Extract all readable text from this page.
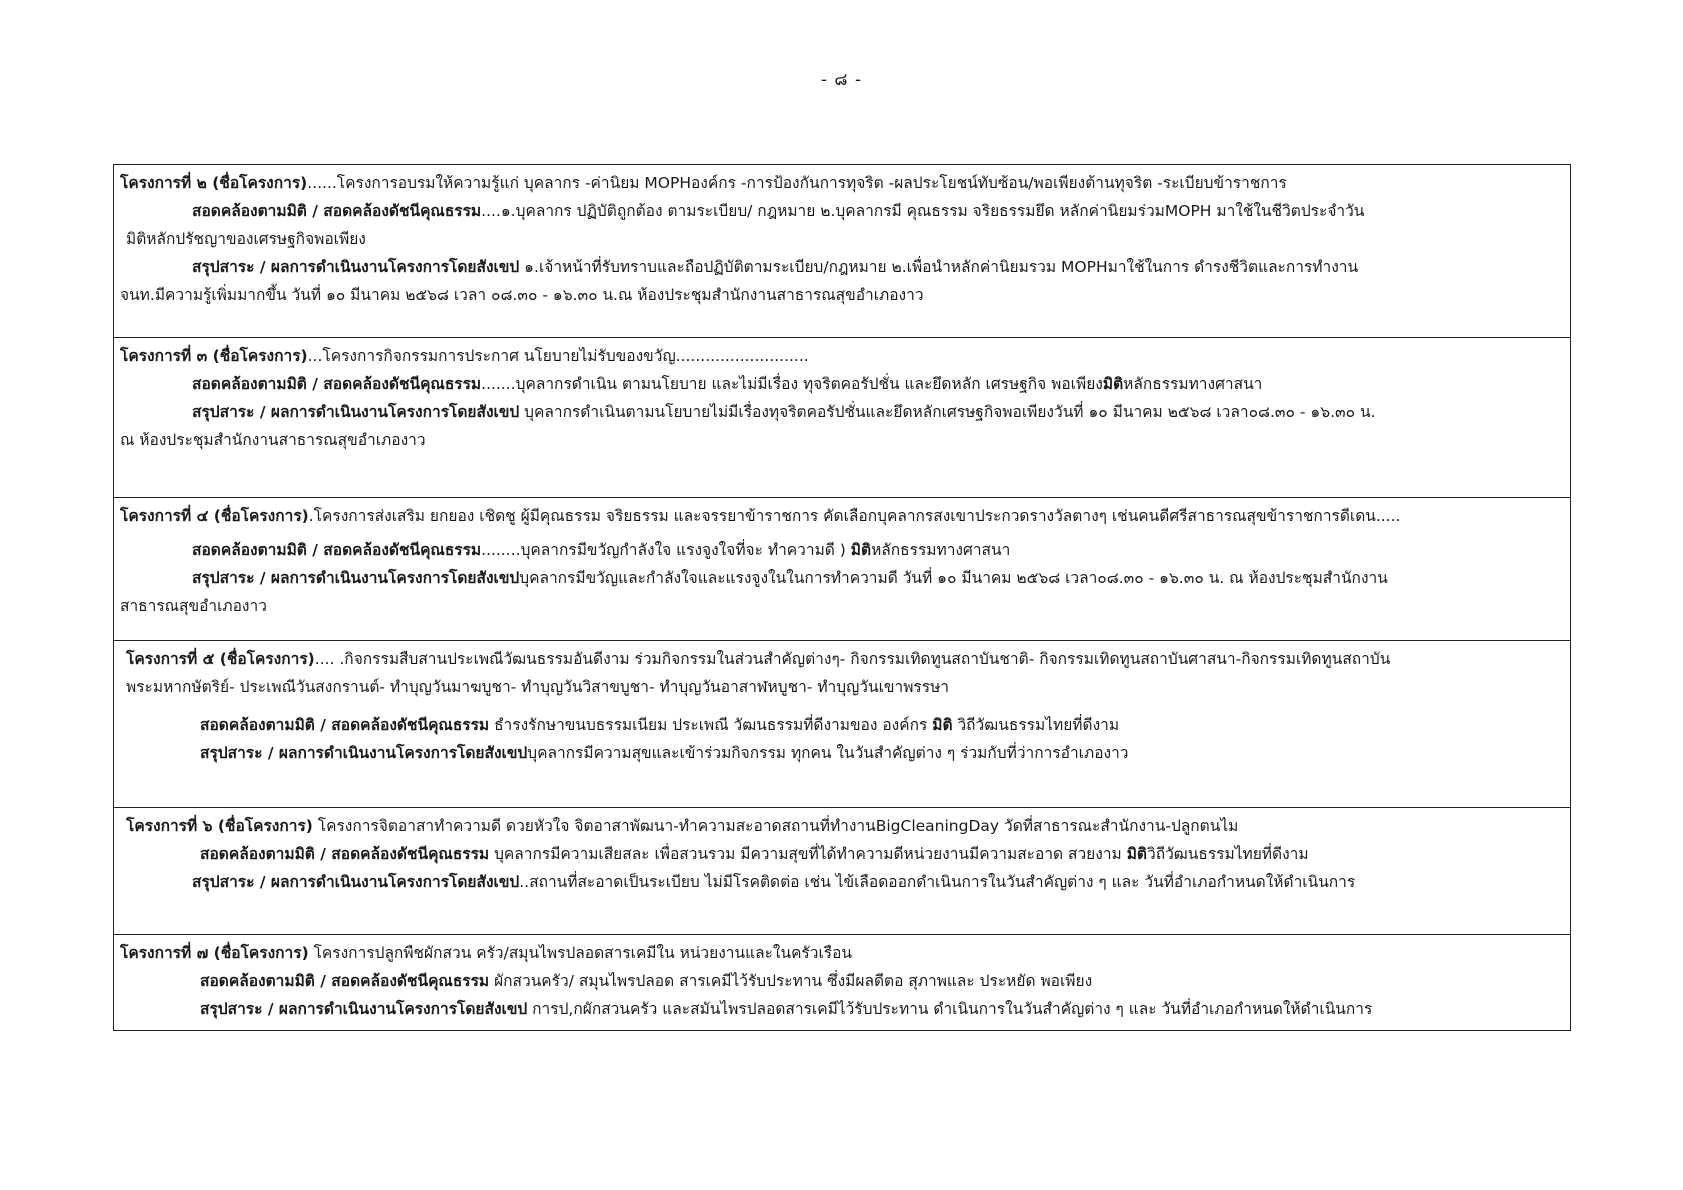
- ๘ -
โครงการที่ ๒ (ชื่อโครงการ)......โครงการอบรมให้ความรู้แก่ บุคลากร -ค่านิยม MOPHองค์กร -การป้องกันการทุจริต -ผลประโยชน์ทับซ้อน/พอเพียงต้านทุจริต -ระเบียบข้าราชการ
สอดคล้องตามมิติ / สอดคล้องดัชนีคุณธรรม....๑.บุคลากร ปฏิบัติถูกต้อง ตามระเบียบ/ กฎหมาย ๒.บุคลากรมี คุณธรรม จริยธรรมยึด หลักค่านิยมร่วมMOPH มาใช้ในชีวิตประจำวัน
มิติหลักปรัชญาของเศรษฐกิจพอเพียง
สรุปสาระ / ผลการดำเนินงานโครงการโดยสังเขป ๑.เจ้าหน้าที่รับทราบและถือปฏิบัติตามระเบียบ/กฎหมาย ๒.เพื่อนำหลักค่านิยมรวม MOPHมาใช้ในการ ดำรงชีวิตและการทำงาน
จนท.มีความรู้เพิ่มมากขึ้น วันที่ ๑๐ มีนาคม ๒๕๖๘ เวลา ๐๘.๓๐ - ๑๖.๓๐ น.ณ ห้องประชุมสำนักงานสาธารณสุขอำเภองาว
โครงการที่ ๓ (ชื่อโครงการ)...โครงการกิจกรรมการประกาศ นโยบายไม่รับของขวัญ...........................
สอดคล้องตามมิติ / สอดคล้องดัชนีคุณธรรม.......บุคลากรดำเนิน ตามนโยบาย และไม่มีเรื่อง ทุจริตคอรัปชั่น และยึดหลัก เศรษฐกิจ พอเพียงมิติหลักธรรมทางศาสนา
สรุปสาระ / ผลการดำเนินงานโครงการโดยสังเขป บุคลากรดำเนินตามนโยบายไม่มีเรื่องทุจริตคอรัปชั่นและยึดหลักเศรษฐกิจพอเพียงวันที่ ๑๐ มีนาคม ๒๕๖๘ เวลา๐๘.๓๐ - ๑๖.๓๐ น.
ณ ห้องประชุมสำนักงานสาธารณสุขอำเภองาว
โครงการที่ ๔ (ชื่อโครงการ).โครงการส่งเสริม ยกยอง เชิดชู ผู้มีคุณธรรม จริยธรรม และจรรยาข้าราชการ คัดเลือกบุคลากรสงเขาประกวดรางวัลตางๆ เช่นคนดีศรีสาธารณสุขข้าราชการดีเดน.....
สอดคล้องตามมิติ / สอดคล้องดัชนีคุณธรรม........บุคลากรมีขวัญกำลังใจ แรงจูงใจที่จะ ทำความดี ) มิติหลักธรรมทางศาสนา
สรุปสาระ / ผลการดำเนินงานโครงการโดยสังเขปบุคลากรมีขวัญและกำลังใจและแรงจูงในในการทำความดี วันที่ ๑๐ มีนาคม ๒๕๖๘ เวลา๐๘.๓๐ - ๑๖.๓๐ น. ณ ห้องประชุมสำนักงาน
สาธารณสุขอำเภองาว
โครงการที่ ๕ (ชื่อโครงการ).... .กิจกรรมสืบสานประเพณีวัฒนธรรมอันดีงาม ร่วมกิจกรรมในส่วนสำคัญต่างๆ- กิจกรรมเทิดทูนสถาบันชาติ- กิจกรรมเทิดทูนสถาบันศาสนา-กิจกรรมเทิดทูนสถาบัน
พระมหากษัตริย์- ประเพณีวันสงกรานต์- ทำบุญวันมาฆบูชา- ทำบุญวันวิสาขบูชา- ทำบุญวันอาสาฬหบูชา- ทำบุญวันเขาพรรษา
สอดคล้องตามมิติ / สอดคล้องดัชนีคุณธรรม ธำรงรักษาขนบธรรมเนียม ประเพณี วัฒนธรรมที่ดีงามของ องค์กร มิติ วิถีวัฒนธรรมไทยที่ดีงาม
สรุปสาระ / ผลการดำเนินงานโครงการโดยสังเขปบุคลากรมีความสุขและเข้าร่วมกิจกรรม ทุกคน ในวันสำคัญต่าง ๆ ร่วมกับที่ว่าการอำเภองาว
โครงการที่ ๖ (ชื่อโครงการ) โครงการจิตอาสาทำความดี ดวยหัวใจ จิตอาสาพัฒนา-ทำความสะอาดสถานที่ทำงานBigCleaningDay วัดที่สาธารณะสำนักงาน-ปลูกตนไม
สอดคล้องตามมิติ / สอดคล้องดัชนีคุณธรรม บุคลากรมีความเสียสละ เพื่อสวนรวม มีความสุขที่ได้ทำความดีหน่วยงานมีความสะอาด สวยงาม มิติวิถีวัฒนธรรมไทยที่ดีงาม
สรุปสาระ / ผลการดำเนินงานโครงการโดยสังเขป..สถานที่สะอาดเป็นระเบียบ ไม่มีโรคติดต่อ เช่น ไข้เลือดออกดำเนินการในวันสำคัญต่าง ๆ และ วันที่อำเภอกำหนดให้ดำเนินการ
โครงการที่ ๗ (ชื่อโครงการ) โครงการปลูกพืชผักสวน ครัว/สมุนไพรปลอดสารเคมีใน หน่วยงานและในครัวเรือน
สอดคล้องตามมิติ / สอดคล้องดัชนีคุณธรรม ผักสวนครัว/ สมุนไพรปลอด สารเคมีไว้รับประทาน ซึ่งมีผลดีตอ สุภาพและ ประหยัด พอเพียง
สรุปสาระ / ผลการดำเนินงานโครงการโดยสังเขป การป,กผักสวนครัว และสมันไพรปลอดสารเคมีไว้รับประทาน ดำเนินการในวันสำคัญต่าง ๆ และ วันที่อำเภอกำหนดให้ดำเนินการ
